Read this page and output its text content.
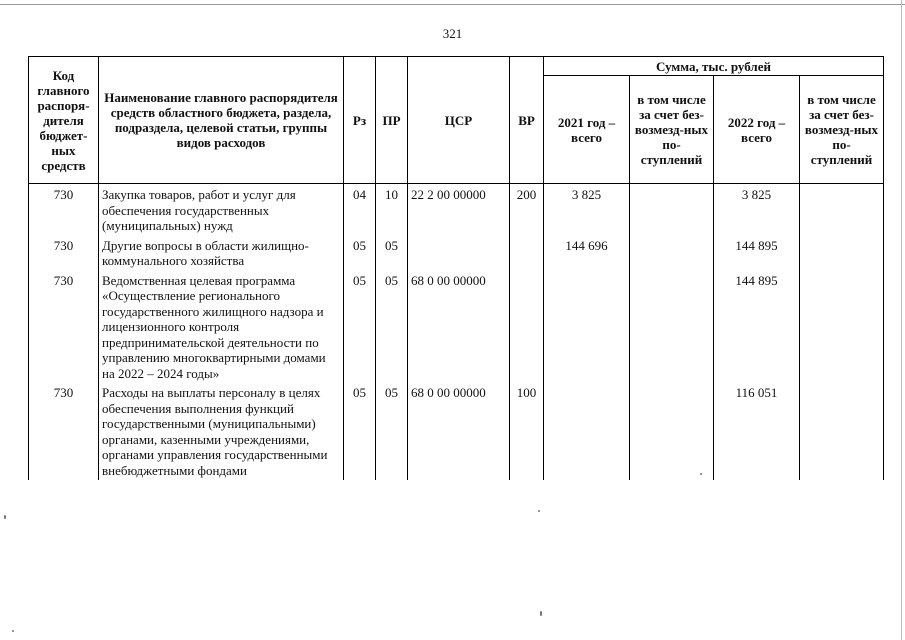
321
Код главного распоря-дителя бюджет-ных средств	Наименование главного распорядителя средств областного бюджета, раздела, подраздела, целевой статьи, группы видов расходов	Рз	ПР	ЦСР	ВР	Сумма, тыс. рублей			
						2021 год – всего	в том числе за счет без-возмезд-ных по-ступлений	2022 год – всего	в том числе за счет без-возмезд-ных по-ступлений
730	Закупка товаров, работ и услуг для обеспечения государственных (муниципальных) нужд	04	10	22 2 00 00000	200	3 825		3 825	
730	Другие вопросы в области жилищно-коммунального хозяйства	05	05			144 696		144 895	
730	Ведомственная целевая программа «Осуществление регионального государственного жилищного надзора и лицензионного контроля предпринимательской деятельности по управлению многоквартирными домами на 2022 – 2024 годы»	05	05	68 0 00 00000				144 895	
730	Расходы на выплаты персоналу в целях обеспечения выполнения функций государственными (муниципальными) органами, казенными учреждениями, органами управления государственными внебюджетными фондами	05	05	68 0 00 00000	100			116 051	
